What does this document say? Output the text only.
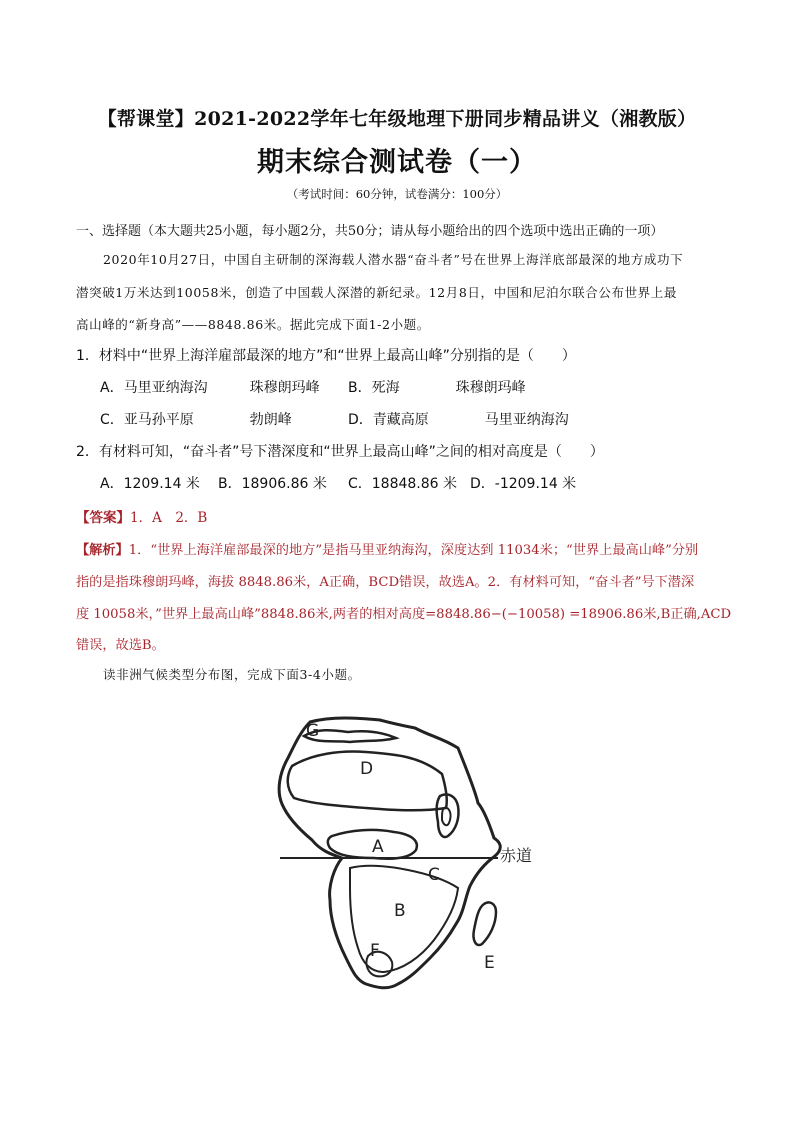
【帮课堂】2021-2022学年七年级地理下册同步精品讲义（湘教版）
期末综合测试卷（一）
（考试时间：60分钟，试卷满分：100分）
一、选择题（本大题共25小题，每小题2分，共50分；请从每小题给出的四个选项中选出正确的一项）
2020年10月27日，中国自主研制的深海载人潜水器“奋斗者”号在世界上海洋底部最深的地方成功下
潜突破1万米达到10058米，创造了中国载人深潜的新纪录。12月8日，中国和尼泊尔联合公布世界上最
高山峰的“新身高”——8848.86米。据此完成下面1-2小题。
1．材料中“世界上海洋雇部最深的地方”和“世界上最高山峰”分别指的是（　　）
A．马里亚纳海沟　　　珠穆朗玛峰 B．死海　　　　珠穆朗玛峰
C．亚马孙平原　　　　勃朗峰	D．青藏高原　　　　马里亚纳海沟
2．有材料可知，“奋斗者”号下潜深度和“世界上最高山峰”之间的相对高度是（　　）
A．1209.14 米 B．18906.86 米 C．18848.86 米 D．-1209.14 米
【答案】1．A　2．B
【解析】1．“世界上海洋雇部最深的地方”是指马里亚纳海沟，深度达到 11034米；“世界上最高山峰”分别
指的是指珠穆朗玛峰，海拔 8848.86米，A正确，BCD错误，故选A。2．有材料可知，“奋斗者”号下潜深
度 10058米，”世界上最高山峰”8848.86米,两者的相对高度=8848.86−(−10058) =18906.86米,B正确,ACD
错误，故选B。
读非洲气候类型分布图，完成下面3-4小题。
G
D
A
C
B
F
E
赤道
